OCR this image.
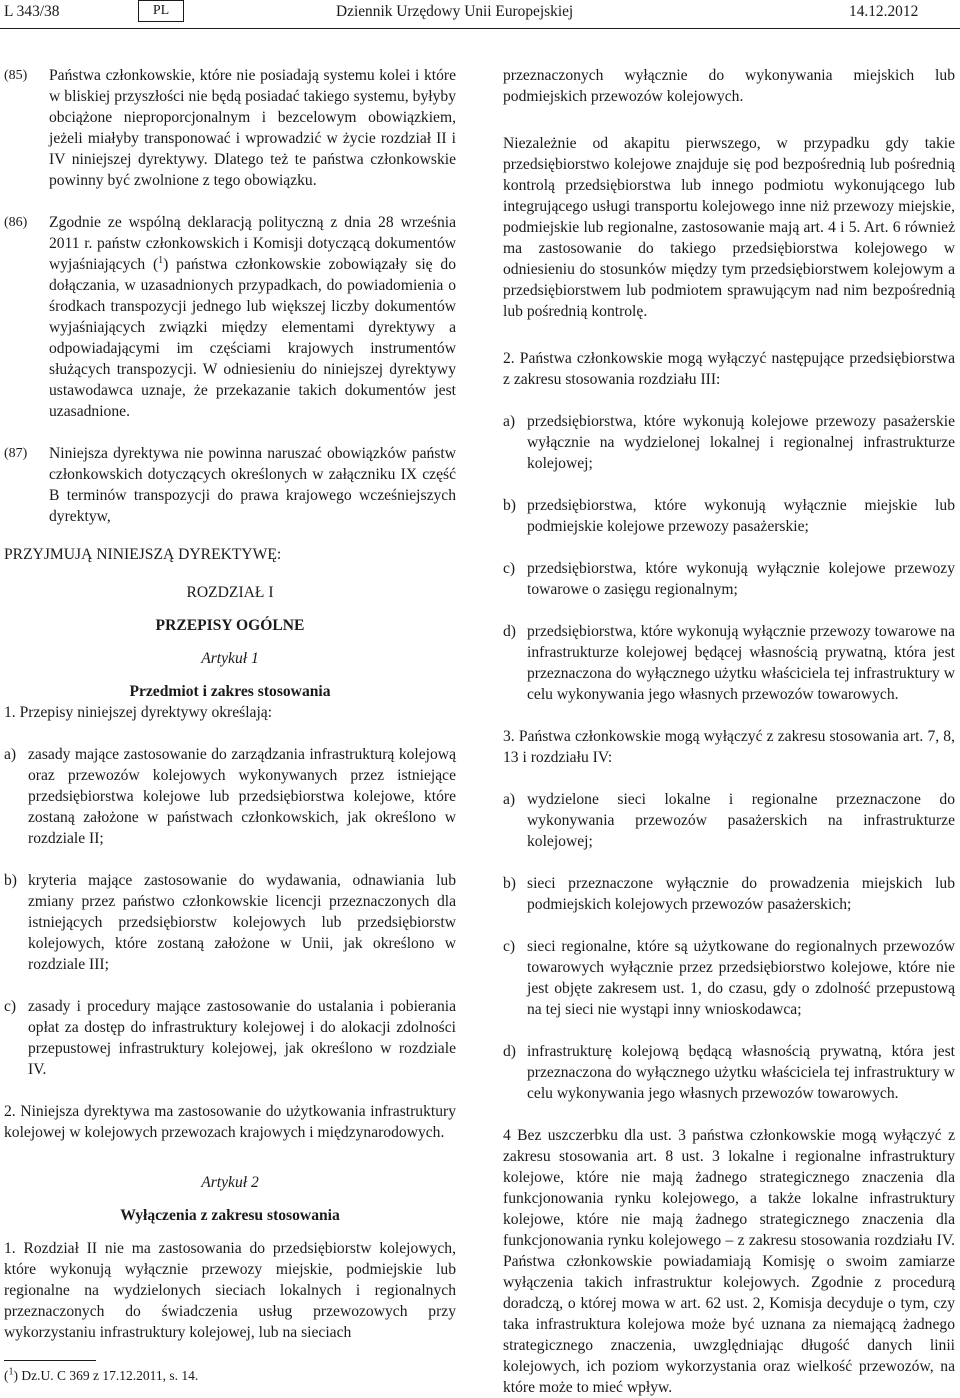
L 343/38	PL	Dziennik Urzędowy Unii Europejskiej	14.12.2012
(85)	Państwa członkowskie, które nie posiadają systemu kolei i które w bliskiej przyszłości nie będą posiadać takiego systemu, byłyby obciążone nieproporcjonalnym i bezcelowym obowiązkiem, jeżeli miałyby transponować i wprowadzić w życie rozdział II i IV niniejszej dyrektywy. Dlatego też te państwa członkowskie powinny być zwolnione z tego obowiązku.
(86)	Zgodnie ze wspólną deklaracją polityczną z dnia 28 września 2011 r. państw członkowskich i Komisji dotyczącą dokumentów wyjaśniających ($^1$) państwa członkowskie zobowiązały się do dołączania, w uzasadnionych przypadkach, do powiadomienia o środkach transpozycji jednego lub większej liczby dokumentów wyjaśniających związki między elementami dyrektywy a odpowiadającymi im częściami krajowych instrumentów służących transpozycji. W odniesieniu do niniejszej dyrektywy ustawodawca uznaje, że przekazanie takich dokumentów jest uzasadnione.
(87)	Niniejsza dyrektywa nie powinna naruszać obowiązków państw członkowskich dotyczących określonych w załączniku IX część B terminów transpozycji do prawa krajowego wcześniejszych dyrektyw,

PRZYJMUJĄ NINIEJSZĄ DYREKTYWĘ:

ROZDZIAŁ I

PRZEPISY OGÓLNE

Artykuł 1

Przedmiot i zakres stosowania

1. Przepisy niniejszej dyrektywy określają:

a) zasady mające zastosowanie do zarządzania infrastrukturą kolejową oraz przewozów kolejowych wykonywanych przez istniejące przedsiębiorstwa kolejowe lub przedsiębiorstwa kolejowe, które zostaną założone w państwach członkowskich, jak określono w rozdziale II;
b) kryteria mające zastosowanie do wydawania, odnawiania lub zmiany przez państwo członkowskie licencji przeznaczonych dla istniejących przedsiębiorstw kolejowych lub przedsiębiorstw kolejowych, które zostaną założone w Unii, jak określono w rozdziale III;
c) zasady i procedury mające zastosowanie do ustalania i pobierania opłat za dostęp do infrastruktury kolejowej i do alokacji zdolności przepustowej infrastruktury kolejowej, jak określono w rozdziale IV.

2. Niniejsza dyrektywa ma zastosowanie do użytkowania infrastruktury kolejowej w kolejowych przewozach krajowych i międzynarodowych.

Artykuł 2

Wyłączenia z zakresu stosowania

1. Rozdział II nie ma zastosowania do przedsiębiorstw kolejowych, które wykonują wyłącznie przewozy miejskie, podmiejskie lub regionalne na wydzielonych sieciach lokalnych i regionalnych przeznaczonych do świadczenia usług przewozowych przy wykorzystaniu infrastruktury kolejowej, lub na sieciach

($^1$) Dz.U. C 369 z 17.12.2011, s. 14.

przeznaczonych wyłącznie do wykonywania miejskich lub podmiejskich przewozów kolejowych.

Niezależnie od akapitu pierwszego, w przypadku gdy takie przedsiębiorstwo kolejowe znajduje się pod bezpośrednią lub pośrednią kontrolą przedsiębiorstwa lub innego podmiotu wykonującego lub integrującego usługi transportu kolejowego inne niż przewozy miejskie, podmiejskie lub regionalne, zastosowanie mają art. 4 i 5. Art. 6 również ma zastosowanie do takiego przedsiębiorstwa kolejowego w odniesieniu do stosunków między tym przedsiębiorstwem kolejowym a przedsiębiorstwem lub podmiotem sprawującym nad nim bezpośrednią lub pośrednią kontrolę.

2. Państwa członkowskie mogą wyłączyć następujące przedsiębiorstwa z zakresu stosowania rozdziału III:

a) przedsiębiorstwa, które wykonują kolejowe przewozy pasażerskie wyłącznie na wydzielonej lokalnej i regionalnej infrastrukturze kolejowej;
b) przedsiębiorstwa, które wykonują wyłącznie miejskie lub podmiejskie kolejowe przewozy pasażerskie;
c) przedsiębiorstwa, które wykonują wyłącznie kolejowe przewozy towarowe o zasięgu regionalnym;
d) przedsiębiorstwa, które wykonują wyłącznie przewozy towarowe na infrastrukturze kolejowej będącej własnością prywatną, która jest przeznaczona do wyłącznego użytku właściciela tej infrastruktury w celu wykonywania jego własnych przewozów towarowych.

3. Państwa członkowskie mogą wyłączyć z zakresu stosowania art. 7, 8, 13 i rozdziału IV:

a) wydzielone sieci lokalne i regionalne przeznaczone do wykonywania przewozów pasażerskich na infrastrukturze kolejowej;
b) sieci przeznaczone wyłącznie do prowadzenia miejskich lub podmiejskich kolejowych przewozów pasażerskich;
c) sieci regionalne, które są użytkowane do regionalnych przewozów towarowych wyłącznie przez przedsiębiorstwo kolejowe, które nie jest objęte zakresem ust. 1, do czasu, gdy o zdolność przepustową na tej sieci nie wystąpi inny wnioskodawca;
d) infrastrukturę kolejową będącą własnością prywatną, która jest przeznaczona do wyłącznego użytku właściciela tej infrastruktury w celu wykonywania jego własnych przewozów towarowych.

4 Bez uszczerbku dla ust. 3 państwa członkowskie mogą wyłączyć z zakresu stosowania art. 8 ust. 3 lokalne i regionalne infrastruktury kolejowe, które nie mają żadnego strategicznego znaczenia dla funkcjonowania rynku kolejowego, a także lokalne infrastruktury kolejowe, które nie mają żadnego strategicznego znaczenia dla funkcjonowania rynku kolejowego – z zakresu stosowania rozdziału IV. Państwa członkowskie powiadamiają Komisję o swoim zamiarze wyłączenia takich infrastruktur kolejowych. Zgodnie z procedurą doradczą, o której mowa w art. 62 ust. 2, Komisja decyduje o tym, czy taka infrastruktura kolejowa może być uznana za niemającą żadnego strategicznego znaczenia, uwzględniając długość danych linii kolejowych, ich poziom wykorzystania oraz wielkość przewozów, na które może to mieć wpływ.
